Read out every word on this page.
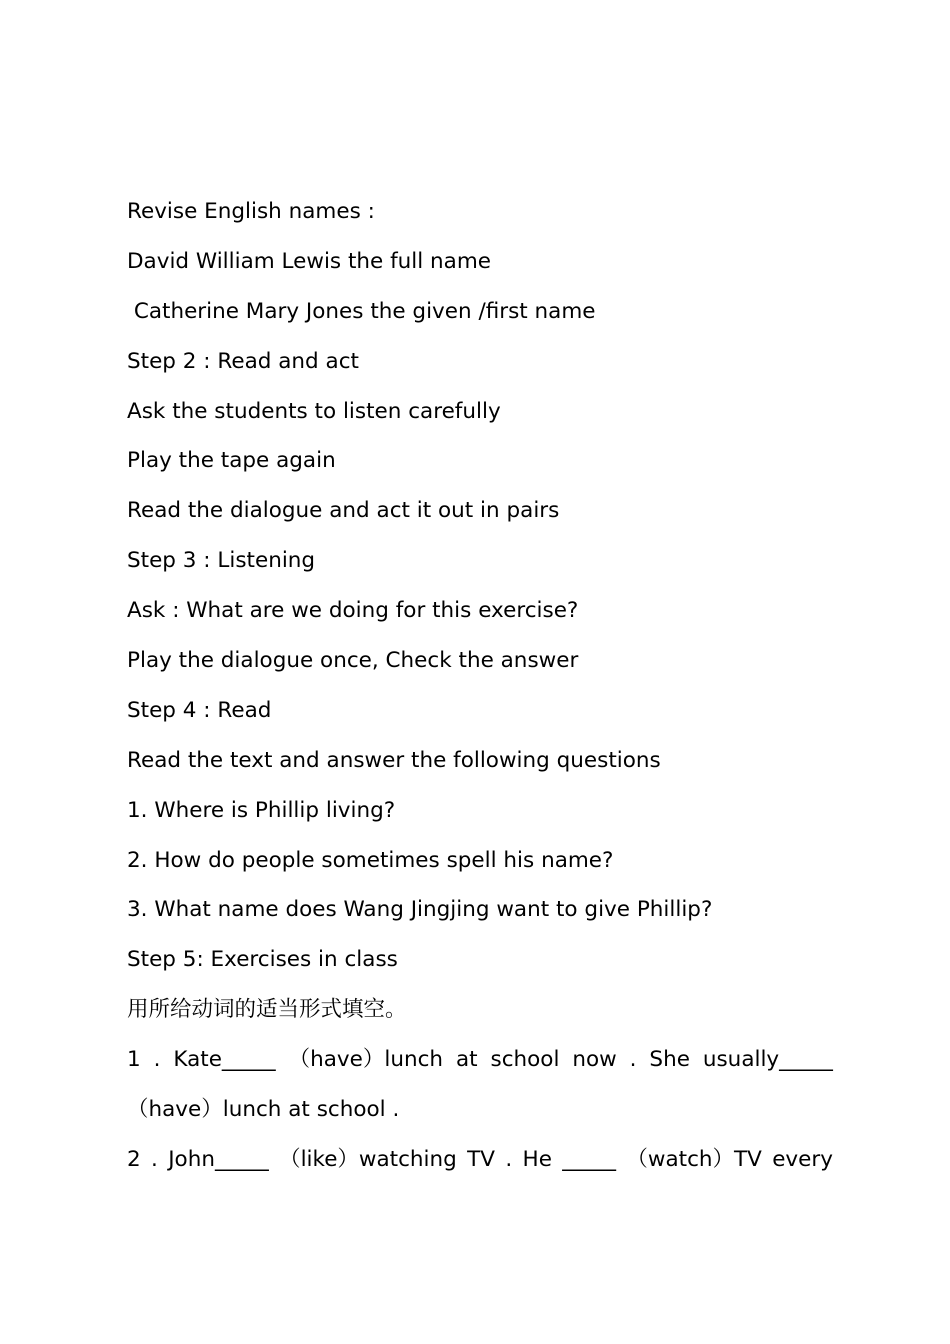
Revise English names :

David William Lewis the full name

Catherine Mary Jones the given /first name

Step 2 : Read and act

Ask the students to listen carefully

Play the tape again

Read the dialogue and act it out in pairs

Step 3 : Listening

Ask : What are we doing for this exercise?

Play the dialogue once, Check the answer

Step 4 : Read

Read the text and answer the following questions

1. Where is Phillip living?

2. How do people sometimes spell his name?

3. What name does Wang Jingjing want to give Phillip?

Step 5: Exercises in class

用所给动词的适当形式填空。

1 . Kate_____ （have）lunch at school now . She usually_____

（have）lunch at school .

2 . John_____ （like）watching TV . He _____ （watch）TV every
